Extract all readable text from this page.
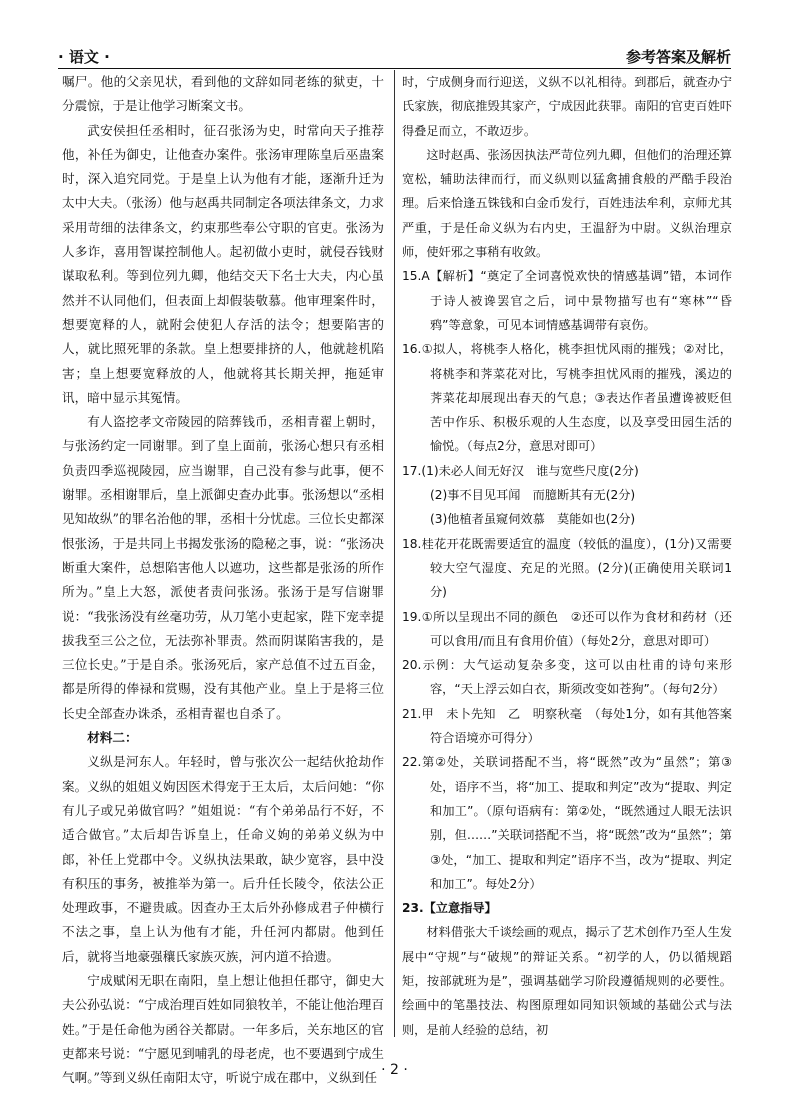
· 语文 ·	参考答案及解析

嘱尸。他的父亲见状，看到他的文辞如同老练的狱吏，十分震惊，于是让他学习断案文书。

武安侯担任丞相时，征召张汤为史，时常向天子推荐他，补任为御史，让他查办案件。张汤审理陈皇后巫蛊案时，深入追究同党。于是皇上认为他有才能，逐渐升迁为太中大夫。（张汤）他与赵禹共同制定各项法律条文，力求采用苛细的法律条文，约束那些奉公守职的官吏。张汤为人多诈，喜用智谋控制他人。起初做小吏时，就侵吞钱财谋取私利。等到位列九卿，他结交天下名士大夫，内心虽然并不认同他们，但表面上却假装敬慕。他审理案件时，想要宽释的人，就附会使犯人存活的法令；想要陷害的人，就比照死罪的条款。皇上想要排挤的人，他就趁机陷害；皇上想要宽释放的人，他就将其长期关押，拖延审讯，暗中显示其冤情。

有人盗挖孝文帝陵园的陪葬钱币，丞相青翟上朝时，与张汤约定一同谢罪。到了皇上面前，张汤心想只有丞相负责四季巡视陵园，应当谢罪，自己没有参与此事，便不谢罪。丞相谢罪后，皇上派御史查办此事。张汤想以“丞相见知故纵”的罪名治他的罪，丞相十分忧虑。三位长史都深恨张汤，于是共同上书揭发张汤的隐秘之事，说：“张汤决断重大案件，总想陷害他人以遮功，这些都是张汤的所作所为。”皇上大怒，派使者责问张汤。张汤于是写信谢罪说：“我张汤没有丝毫功劳，从刀笔小吏起家，陛下宠幸提拔我至三公之位，无法弥补罪责。然而阴谋陷害我的，是三位长史。”于是自杀。张汤死后，家产总值不过五百金，都是所得的俸禄和赏赐，没有其他产业。皇上于是将三位长史全部查办诛杀，丞相青翟也自杀了。

材料二：

义纵是河东人。年轻时，曾与张次公一起结伙抢劫作案。义纵的姐姐义姁因医术得宠于王太后，太后问她：“你有儿子或兄弟做官吗？”姐姐说：“有个弟弟品行不好，不适合做官。”太后却告诉皇上，任命义姁的弟弟义纵为中郎，补任上党郡中令。义纵执法果敢，缺少宽容，县中没有积压的事务，被推举为第一。后升任长陵令，依法公正处理政事，不避贵戚。因查办王太后外孙修成君子仲横行不法之事，皇上认为他有才能，升任河内都尉。他到任后，就将当地豪强穰氏家族灭族，河内道不拾遗。

宁成赋闲无职在南阳，皇上想让他担任郡守，御史大夫公孙弘说：“宁成治理百姓如同狼牧羊，不能让他治理百姓。”于是任命他为函谷关都尉。一年多后，关东地区的官吏都来号说：“宁愿见到哺乳的母老虎，也不要遇到宁成生气啊。”等到义纵任南阳太守，听说宁成在郡中，义纵到任

时，宁成侧身而行迎送，义纵不以礼相待。到郡后，就查办宁氏家族，彻底推毁其家产，宁成因此获罪。南阳的官吏百姓吓得叠足而立，不敢迈步。

这时赵禹、张汤因执法严苛位列九卿，但他们的治理还算宽松，辅助法律而行，而义纵则以猛禽捕食般的严酷手段治理。后来恰逢五铢钱和白金币发行，百姓违法牟利，京师尤其严重，于是任命义纵为右内史，王温舒为中尉。义纵治理京师，使奸邪之事稍有收敛。

15.A【解析】“奠定了全词喜悦欢快的情感基调”错，本词作于诗人被谗罢官之后，词中景物描写也有“寒林”“昏鸦”等意象，可见本词情感基调带有哀伤。

16.①拟人，将桃李人格化，桃李担忧风雨的摧残；②对比，将桃李和荠菜花对比，写桃李担忧风雨的摧残，溪边的荠菜花却展现出春天的气息；③表达作者虽遭谗被贬但苦中作乐、积极乐观的人生态度，以及享受田园生活的愉悦。（每点2分，意思对即可）

17.(1)未必人间无好汉　谁与宽些尺度(2分)

(2)事不目见耳闻　而臆断其有无(2分)

(3)他植者虽窥伺效慕　莫能如也(2分)

18.桂花开花既需要适宜的温度（较低的温度），(1分)又需要较大空气湿度、充足的光照。(2分)(正确使用关联词1分)

19.①所以呈现出不同的颜色　②还可以作为食材和药材（还可以食用/而且有食用价值）（每处2分，意思对即可）

20.示例：大气运动复杂多变，这可以由杜甫的诗句来形容，“天上浮云如白衣，斯须改变如苍狗”。（每句2分）

21.甲　未卜先知　乙　明察秋毫　（每处1分，如有其他答案符合语境亦可得分）

22.第②处，关联词搭配不当，将“既然”改为“虽然”；第③处，语序不当，将“加工、提取和判定”改为“提取、判定和加工”。（原句语病有：第②处，“既然通过人眼无法识别，但……”关联词搭配不当，将“既然”改为“虽然”；第③处，“加工、提取和判定”语序不当，改为“提取、判定和加工”。每处2分）

23.【立意指导】

材料借张大千谈绘画的观点，揭示了艺术创作乃至人生发展中“守规”与“破规”的辩证关系。“初学的人，仍以循规蹈矩，按部就班为是”，强调基础学习阶段遵循规则的必要性。绘画中的笔墨技法、构图原理如同知识领域的基础公式与法则，是前人经验的总结，初

· 2 ·
